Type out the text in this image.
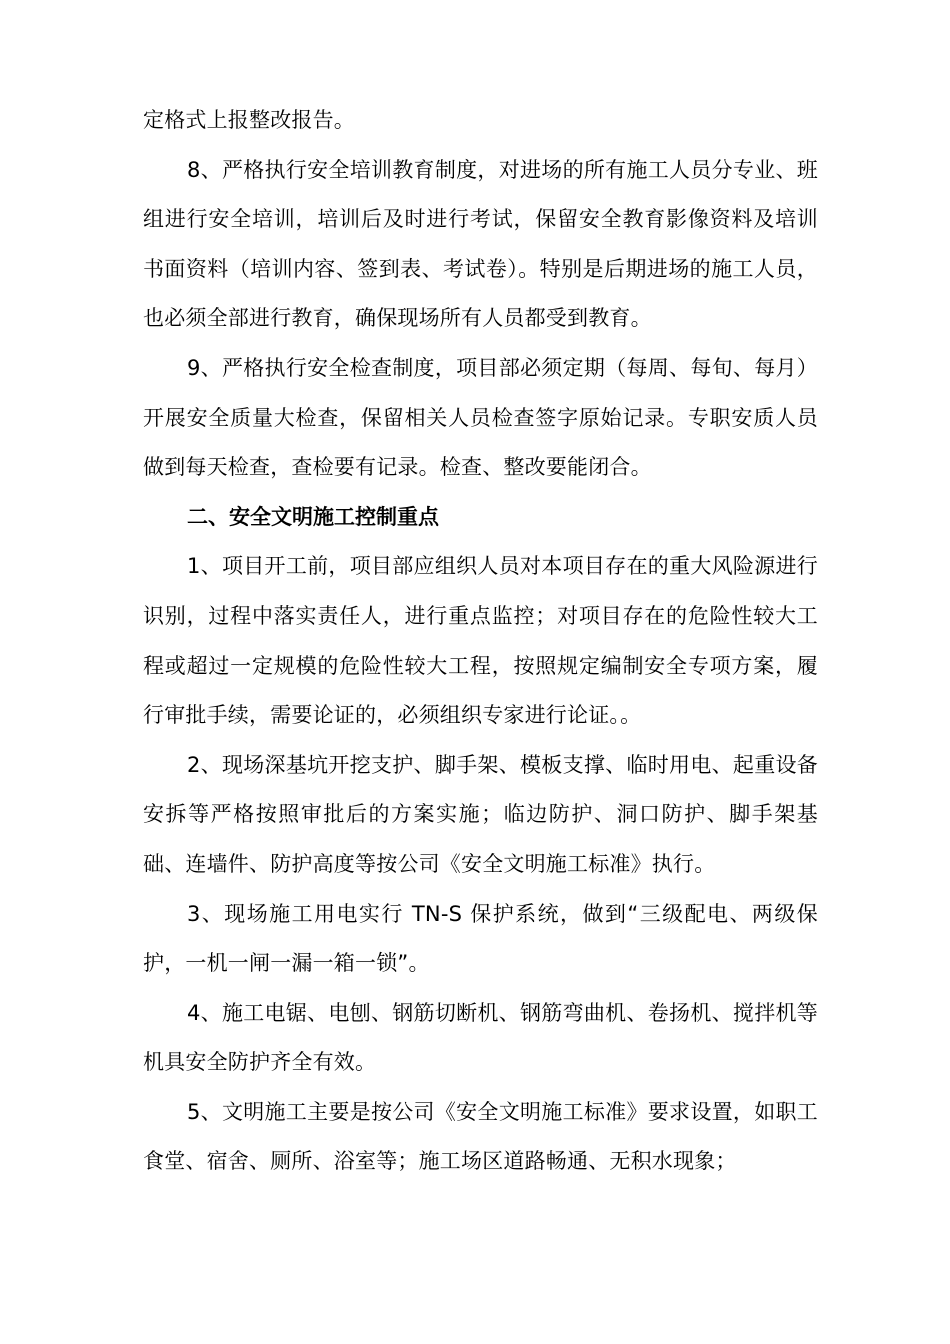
定格式上报整改报告。

8、严格执行安全培训教育制度，对进场的所有施工人员分专业、班组进行安全培训，培训后及时进行考试，保留安全教育影像资料及培训书面资料（培训内容、签到表、考试卷）。特别是后期进场的施工人员，也必须全部进行教育，确保现场所有人员都受到教育。

9、严格执行安全检查制度，项目部必须定期（每周、每旬、每月）开展安全质量大检查，保留相关人员检查签字原始记录。专职安质人员做到每天检查，查检要有记录。检查、整改要能闭合。

二、安全文明施工控制重点

1、项目开工前，项目部应组织人员对本项目存在的重大风险源进行识别，过程中落实责任人，进行重点监控；对项目存在的危险性较大工程或超过一定规模的危险性较大工程，按照规定编制安全专项方案，履行审批手续，需要论证的，必须组织专家进行论证。。

2、现场深基坑开挖支护、脚手架、模板支撑、临时用电、起重设备安拆等严格按照审批后的方案实施；临边防护、洞口防护、脚手架基础、连墙件、防护高度等按公司《安全文明施工标准》执行。

3、现场施工用电实行 TN-S 保护系统，做到“三级配电、两级保护，一机一闸一漏一箱一锁”。

4、施工电锯、电刨、钢筋切断机、钢筋弯曲机、卷扬机、搅拌机等机具安全防护齐全有效。

5、文明施工主要是按公司《安全文明施工标准》要求设置，如职工食堂、宿舍、厕所、浴室等；施工场区道路畅通、无积水现象；
